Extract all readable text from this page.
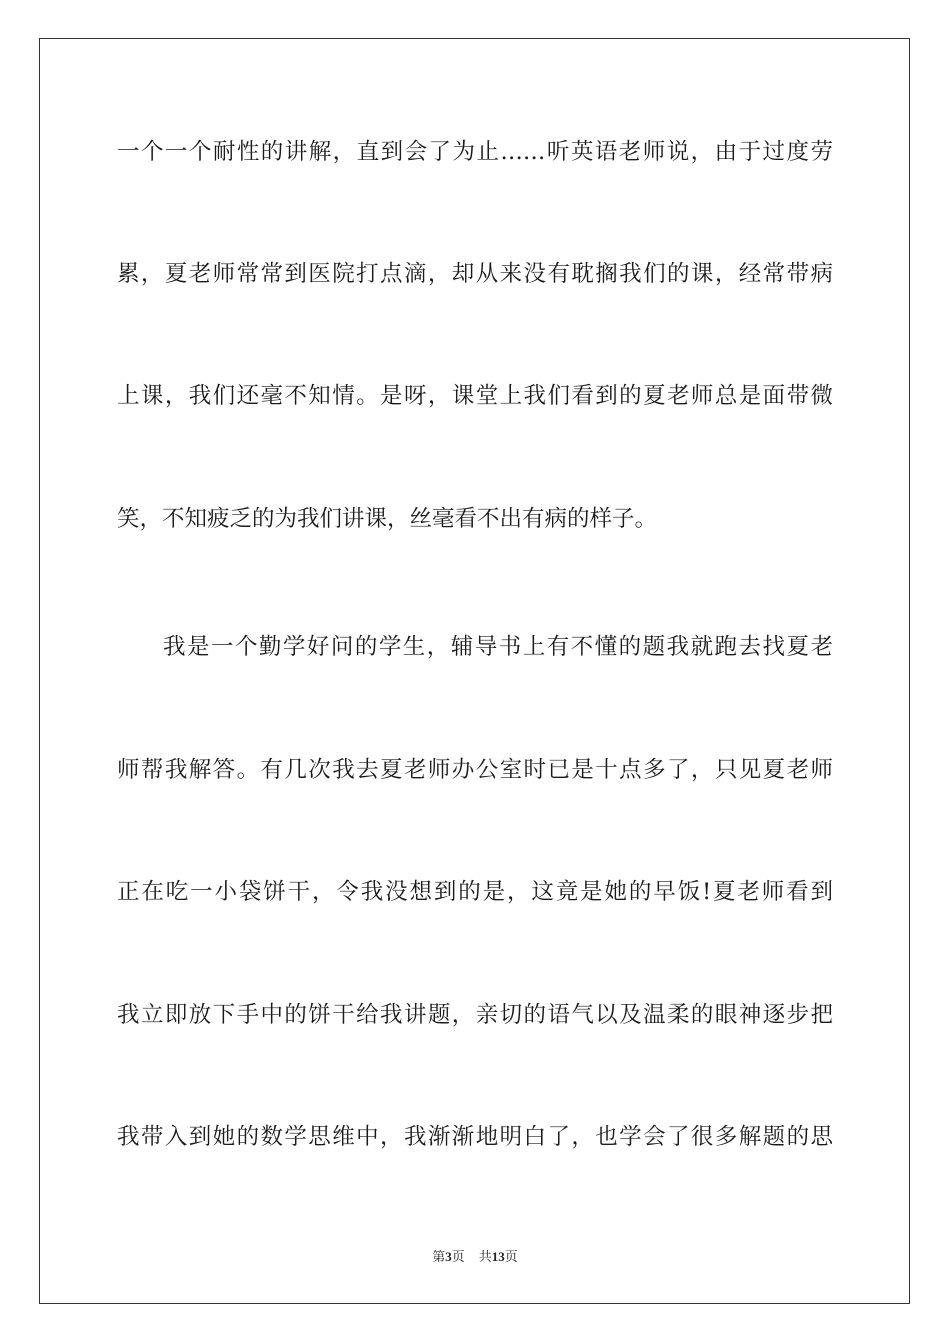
一个一个耐性的讲解，直到会了为止……听英语老师说，由于过度劳
累，夏老师常常到医院打点滴，却从来没有耽搁我们的课，经常带病
上课，我们还毫不知情。是呀，课堂上我们看到的夏老师总是面带微
笑，不知疲乏的为我们讲课，丝毫看不出有病的样子。
我是一个勤学好问的学生，辅导书上有不懂的题我就跑去找夏老
师帮我解答。有几次我去夏老师办公室时已是十点多了，只见夏老师
正在吃一小袋饼干，令我没想到的是，这竟是她的早饭!夏老师看到
我立即放下手中的饼干给我讲题，亲切的语气以及温柔的眼神逐步把
我带入到她的数学思维中，我渐渐地明白了，也学会了很多解题的思
第3页 共13页
